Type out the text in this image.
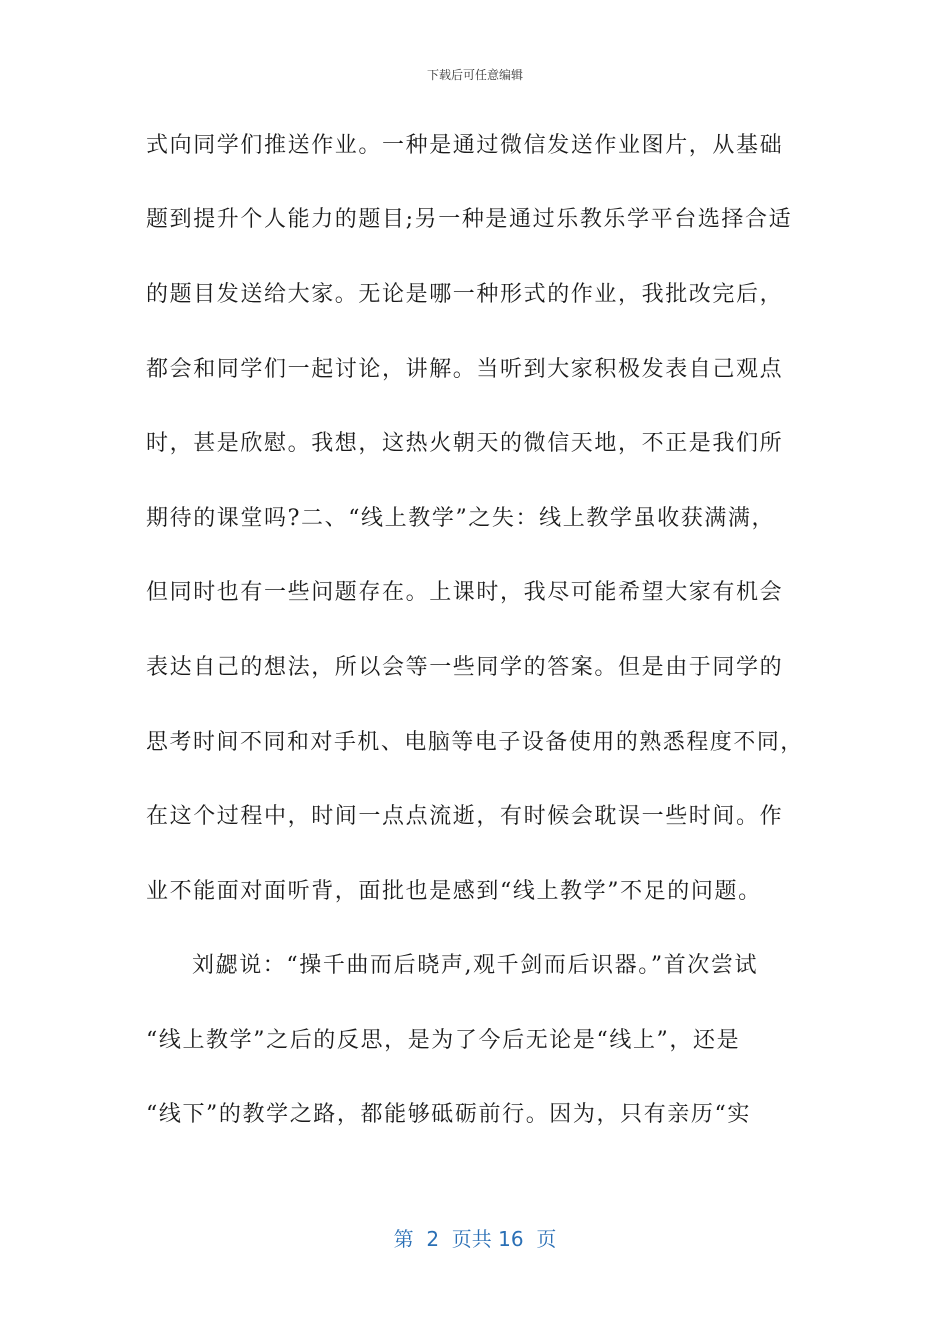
下载后可任意编辑
式向同学们推送作业。一种是通过微信发送作业图片，从基础
题到提升个人能力的题目;另一种是通过乐教乐学平台选择合适
的题目发送给大家。无论是哪一种形式的作业，我批改完后，
都会和同学们一起讨论，讲解。当听到大家积极发表自己观点
时，甚是欣慰。我想，这热火朝天的微信天地，不正是我们所
期待的课堂吗?二、“线上教学”之失：线上教学虽收获满满，
但同时也有一些问题存在。上课时，我尽可能希望大家有机会
表达自己的想法，所以会等一些同学的答案。但是由于同学的
思考时间不同和对手机、电脑等电子设备使用的熟悉程度不同，
在这个过程中，时间一点点流逝，有时候会耽误一些时间。作
业不能面对面听背，面批也是感到“线上教学”不足的问题。
刘勰说：“操千曲而后晓声,观千剑而后识器。”首次尝试
“线上教学”之后的反思，是为了今后无论是“线上”，还是
“线下”的教学之路，都能够砥砺前行。因为，只有亲历“实
第  2  页共 16  页
